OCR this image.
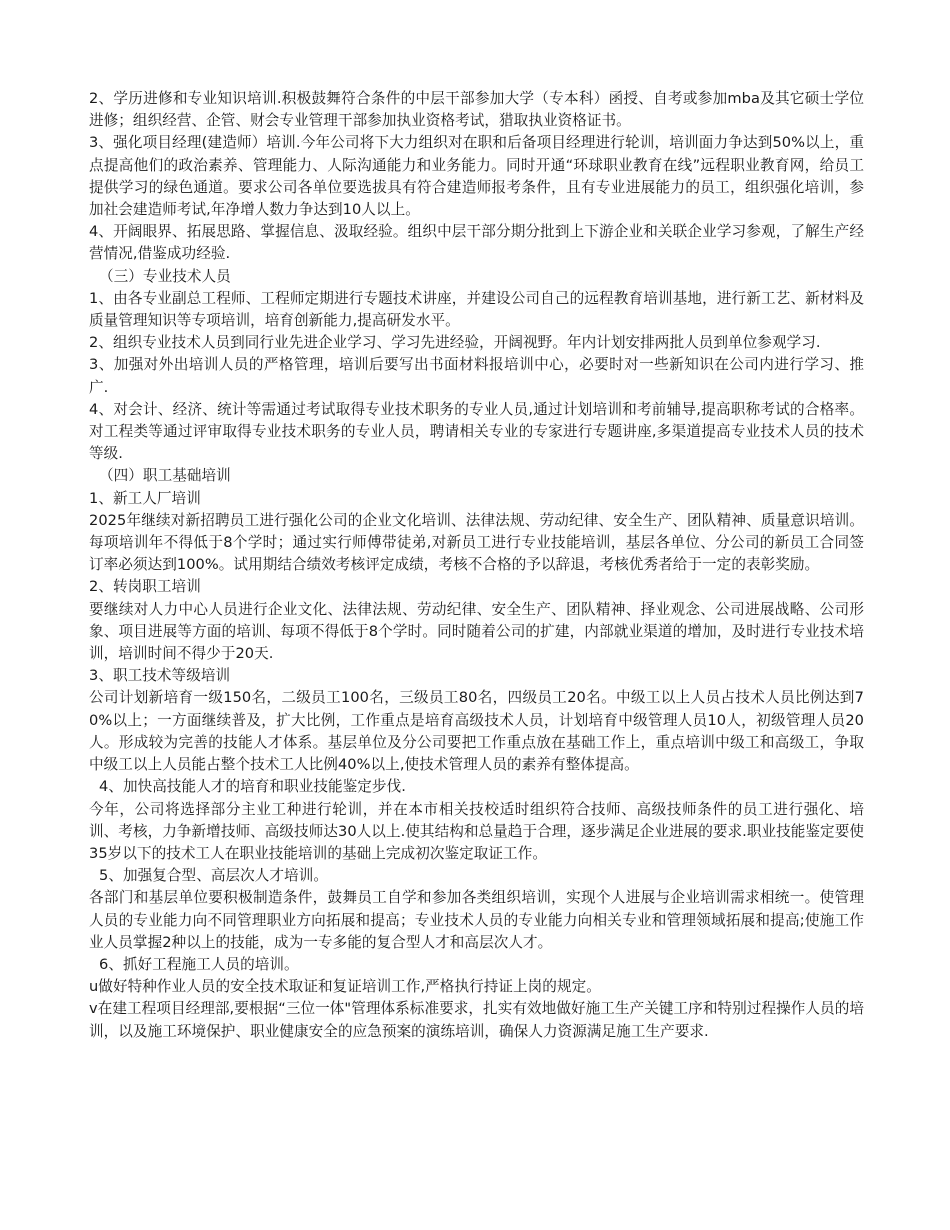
2、学历进修和专业知识培训.积极鼓舞符合条件的中层干部参加大学（专本科）函授、自考或参加mba及其它硕士学位进修；组织经营、企管、财会专业管理干部参加执业资格考试，猎取执业资格证书。

3、强化项目经理(建造师）培训.今年公司将下大力组织对在职和后备项目经理进行轮训，培训面力争达到50%以上，重点提高他们的政治素养、管理能力、人际沟通能力和业务能力。同时开通“环球职业教育在线”远程职业教育网，给员工提供学习的绿色通道。要求公司各单位要选拔具有符合建造师报考条件，且有专业进展能力的员工，组织强化培训，参加社会建造师考试,年净增人数力争达到10人以上。

4、开阔眼界、拓展思路、掌握信息、汲取经验。组织中层干部分期分批到上下游企业和关联企业学习参观，了解生产经营情况,借鉴成功经验.

（三）专业技术人员

1、由各专业副总工程师、工程师定期进行专题技术讲座，并建设公司自己的远程教育培训基地，进行新工艺、新材料及质量管理知识等专项培训，培育创新能力,提高研发水平。

2、组织专业技术人员到同行业先进企业学习、学习先进经验，开阔视野。年内计划安排两批人员到单位参观学习.

3、加强对外出培训人员的严格管理，培训后要写出书面材料报培训中心，必要时对一些新知识在公司内进行学习、推广.

4、对会计、经济、统计等需通过考试取得专业技术职务的专业人员,通过计划培训和考前辅导,提高职称考试的合格率。对工程类等通过评审取得专业技术职务的专业人员，聘请相关专业的专家进行专题讲座,多渠道提高专业技术人员的技术等级.

（四）职工基础培训

1、新工人厂培训

2025年继续对新招聘员工进行强化公司的企业文化培训、法律法规、劳动纪律、安全生产、团队精神、质量意识培训。每项培训年不得低于8个学时；通过实行师傅带徒弟,对新员工进行专业技能培训，基层各单位、分公司的新员工合同签订率必须达到100%。试用期结合绩效考核评定成绩，考核不合格的予以辞退，考核优秀者给于一定的表彰奖励。

2、转岗职工培训

要继续对人力中心人员进行企业文化、法律法规、劳动纪律、安全生产、团队精神、择业观念、公司进展战略、公司形象、项目进展等方面的培训、每项不得低于8个学时。同时随着公司的扩建，内部就业渠道的增加，及时进行专业技术培训，培训时间不得少于20天.

3、职工技术等级培训

公司计划新培育一级150名，二级员工100名，三级员工80名，四级员工20名。中级工以上人员占技术人员比例达到70%以上；一方面继续普及，扩大比例，工作重点是培育高级技术人员，计划培育中级管理人员10人，初级管理人员20人。形成较为完善的技能人才体系。基层单位及分公司要把工作重点放在基础工作上，重点培训中级工和高级工，争取中级工以上人员能占整个技术工人比例40%以上,使技术管理人员的素养有整体提高。

4、加快高技能人才的培育和职业技能鉴定步伐.

今年，公司将选择部分主业工种进行轮训，并在本市相关技校适时组织符合技师、高级技师条件的员工进行强化、培训、考核，力争新增技师、高级技师达30人以上.使其结构和总量趋于合理，逐步满足企业进展的要求.职业技能鉴定要使35岁以下的技术工人在职业技能培训的基础上完成初次鉴定取证工作。

5、加强复合型、高层次人才培训。

各部门和基层单位要积极制造条件，鼓舞员工自学和参加各类组织培训，实现个人进展与企业培训需求相统一。使管理人员的专业能力向不同管理职业方向拓展和提高；专业技术人员的专业能力向相关专业和管理领域拓展和提高;使施工作业人员掌握2种以上的技能，成为一专多能的复合型人才和高层次人才。

6、抓好工程施工人员的培训。

u做好特种作业人员的安全技术取证和复证培训工作,严格执行持证上岗的规定。

v在建工程项目经理部,要根据“三位一体"管理体系标准要求，扎实有效地做好施工生产关键工序和特别过程操作人员的培训，以及施工环境保护、职业健康安全的应急预案的演练培训，确保人力资源满足施工生产要求.
